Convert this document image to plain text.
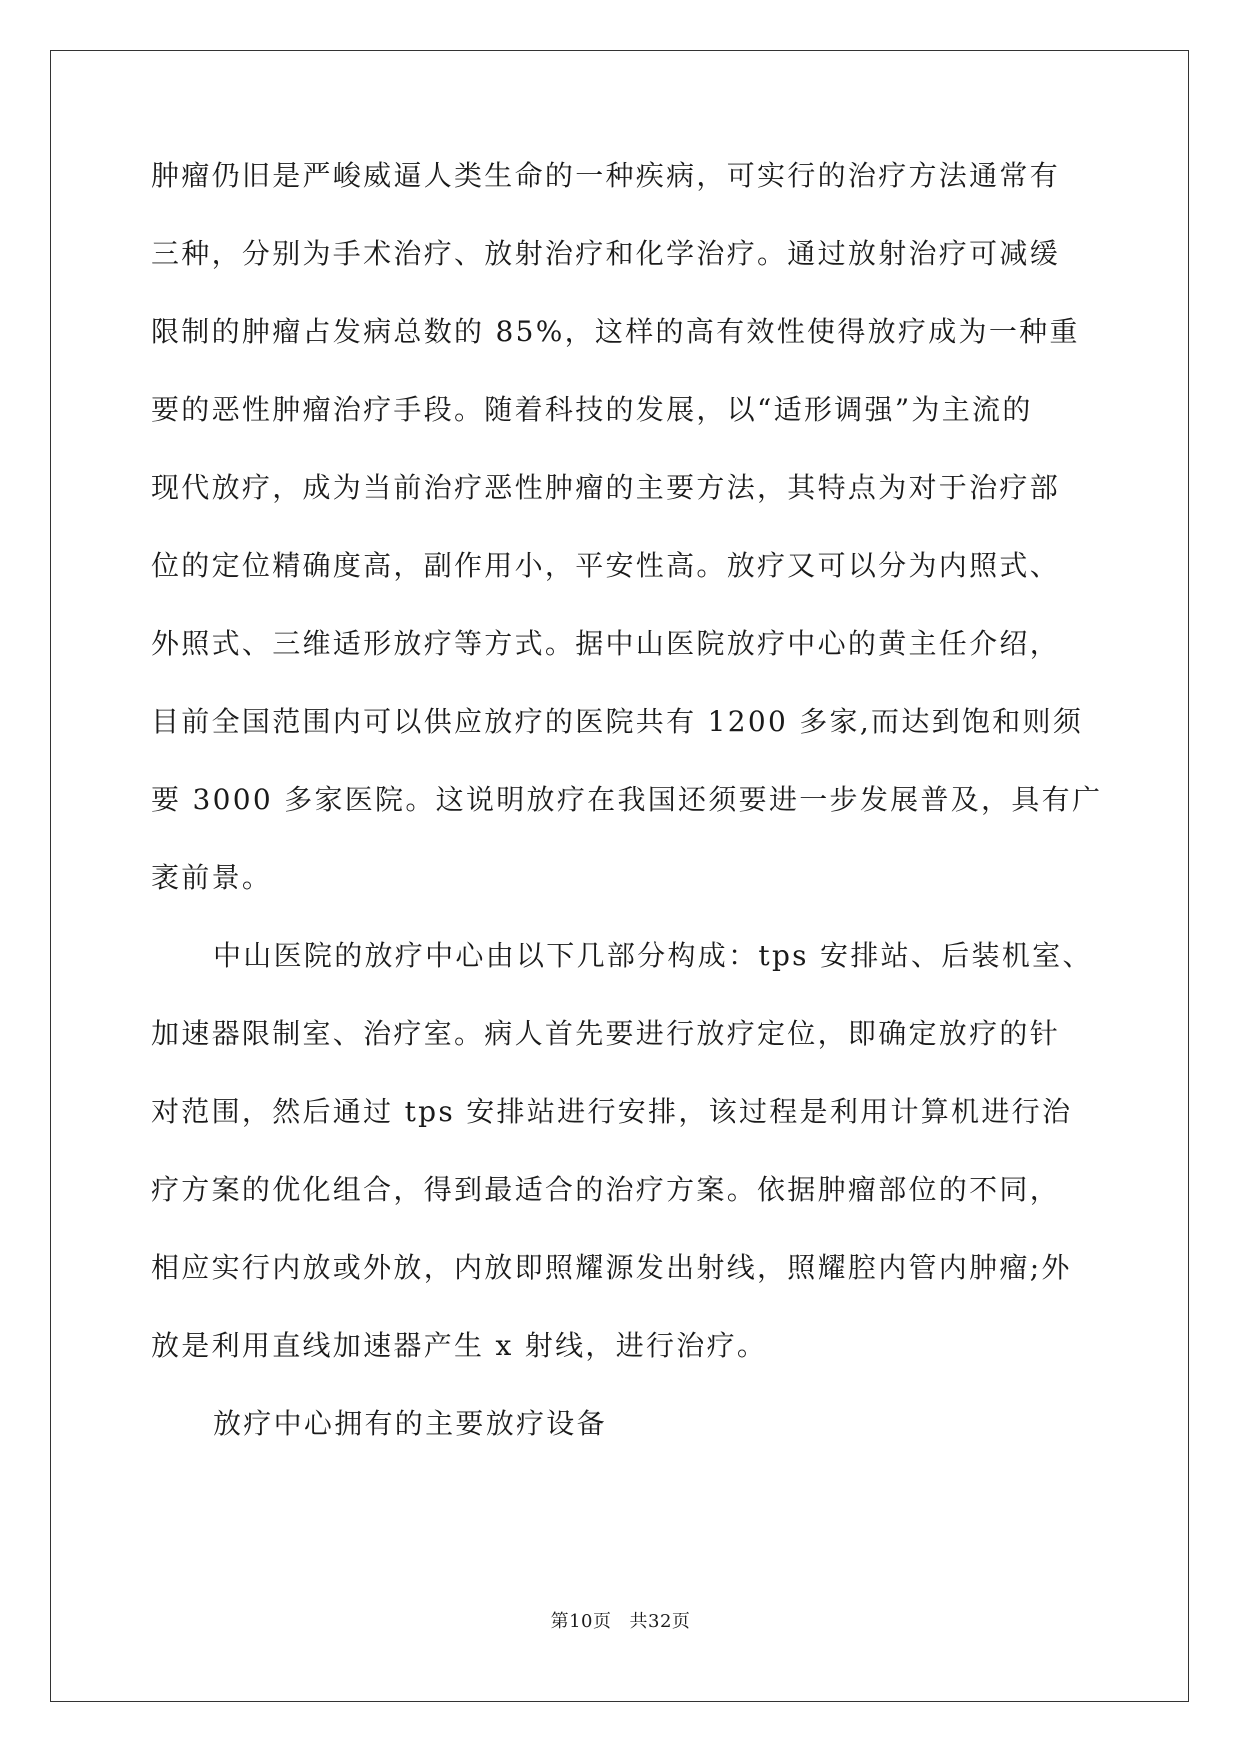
肿瘤仍旧是严峻威逼人类生命的一种疾病，可实行的治疗方法通常有
三种，分别为手术治疗、放射治疗和化学治疗。通过放射治疗可减缓
限制的肿瘤占发病总数的 85%，这样的高有效性使得放疗成为一种重
要的恶性肿瘤治疗手段。随着科技的发展，以“适形调强”为主流的
现代放疗，成为当前治疗恶性肿瘤的主要方法，其特点为对于治疗部
位的定位精确度高，副作用小，平安性高。放疗又可以分为内照式、
外照式、三维适形放疗等方式。据中山医院放疗中心的黄主任介绍，
目前全国范围内可以供应放疗的医院共有 1200 多家,而达到饱和则须
要 3000 多家医院。这说明放疗在我国还须要进一步发展普及，具有广
袤前景。
中山医院的放疗中心由以下几部分构成：tps 安排站、后装机室、
加速器限制室、治疗室。病人首先要进行放疗定位，即确定放疗的针
对范围，然后通过 tps 安排站进行安排，该过程是利用计算机进行治
疗方案的优化组合，得到最适合的治疗方案。依据肿瘤部位的不同，
相应实行内放或外放，内放即照耀源发出射线，照耀腔内管内肿瘤;外
放是利用直线加速器产生 x 射线，进行治疗。
放疗中心拥有的主要放疗设备
第10页 共32页
